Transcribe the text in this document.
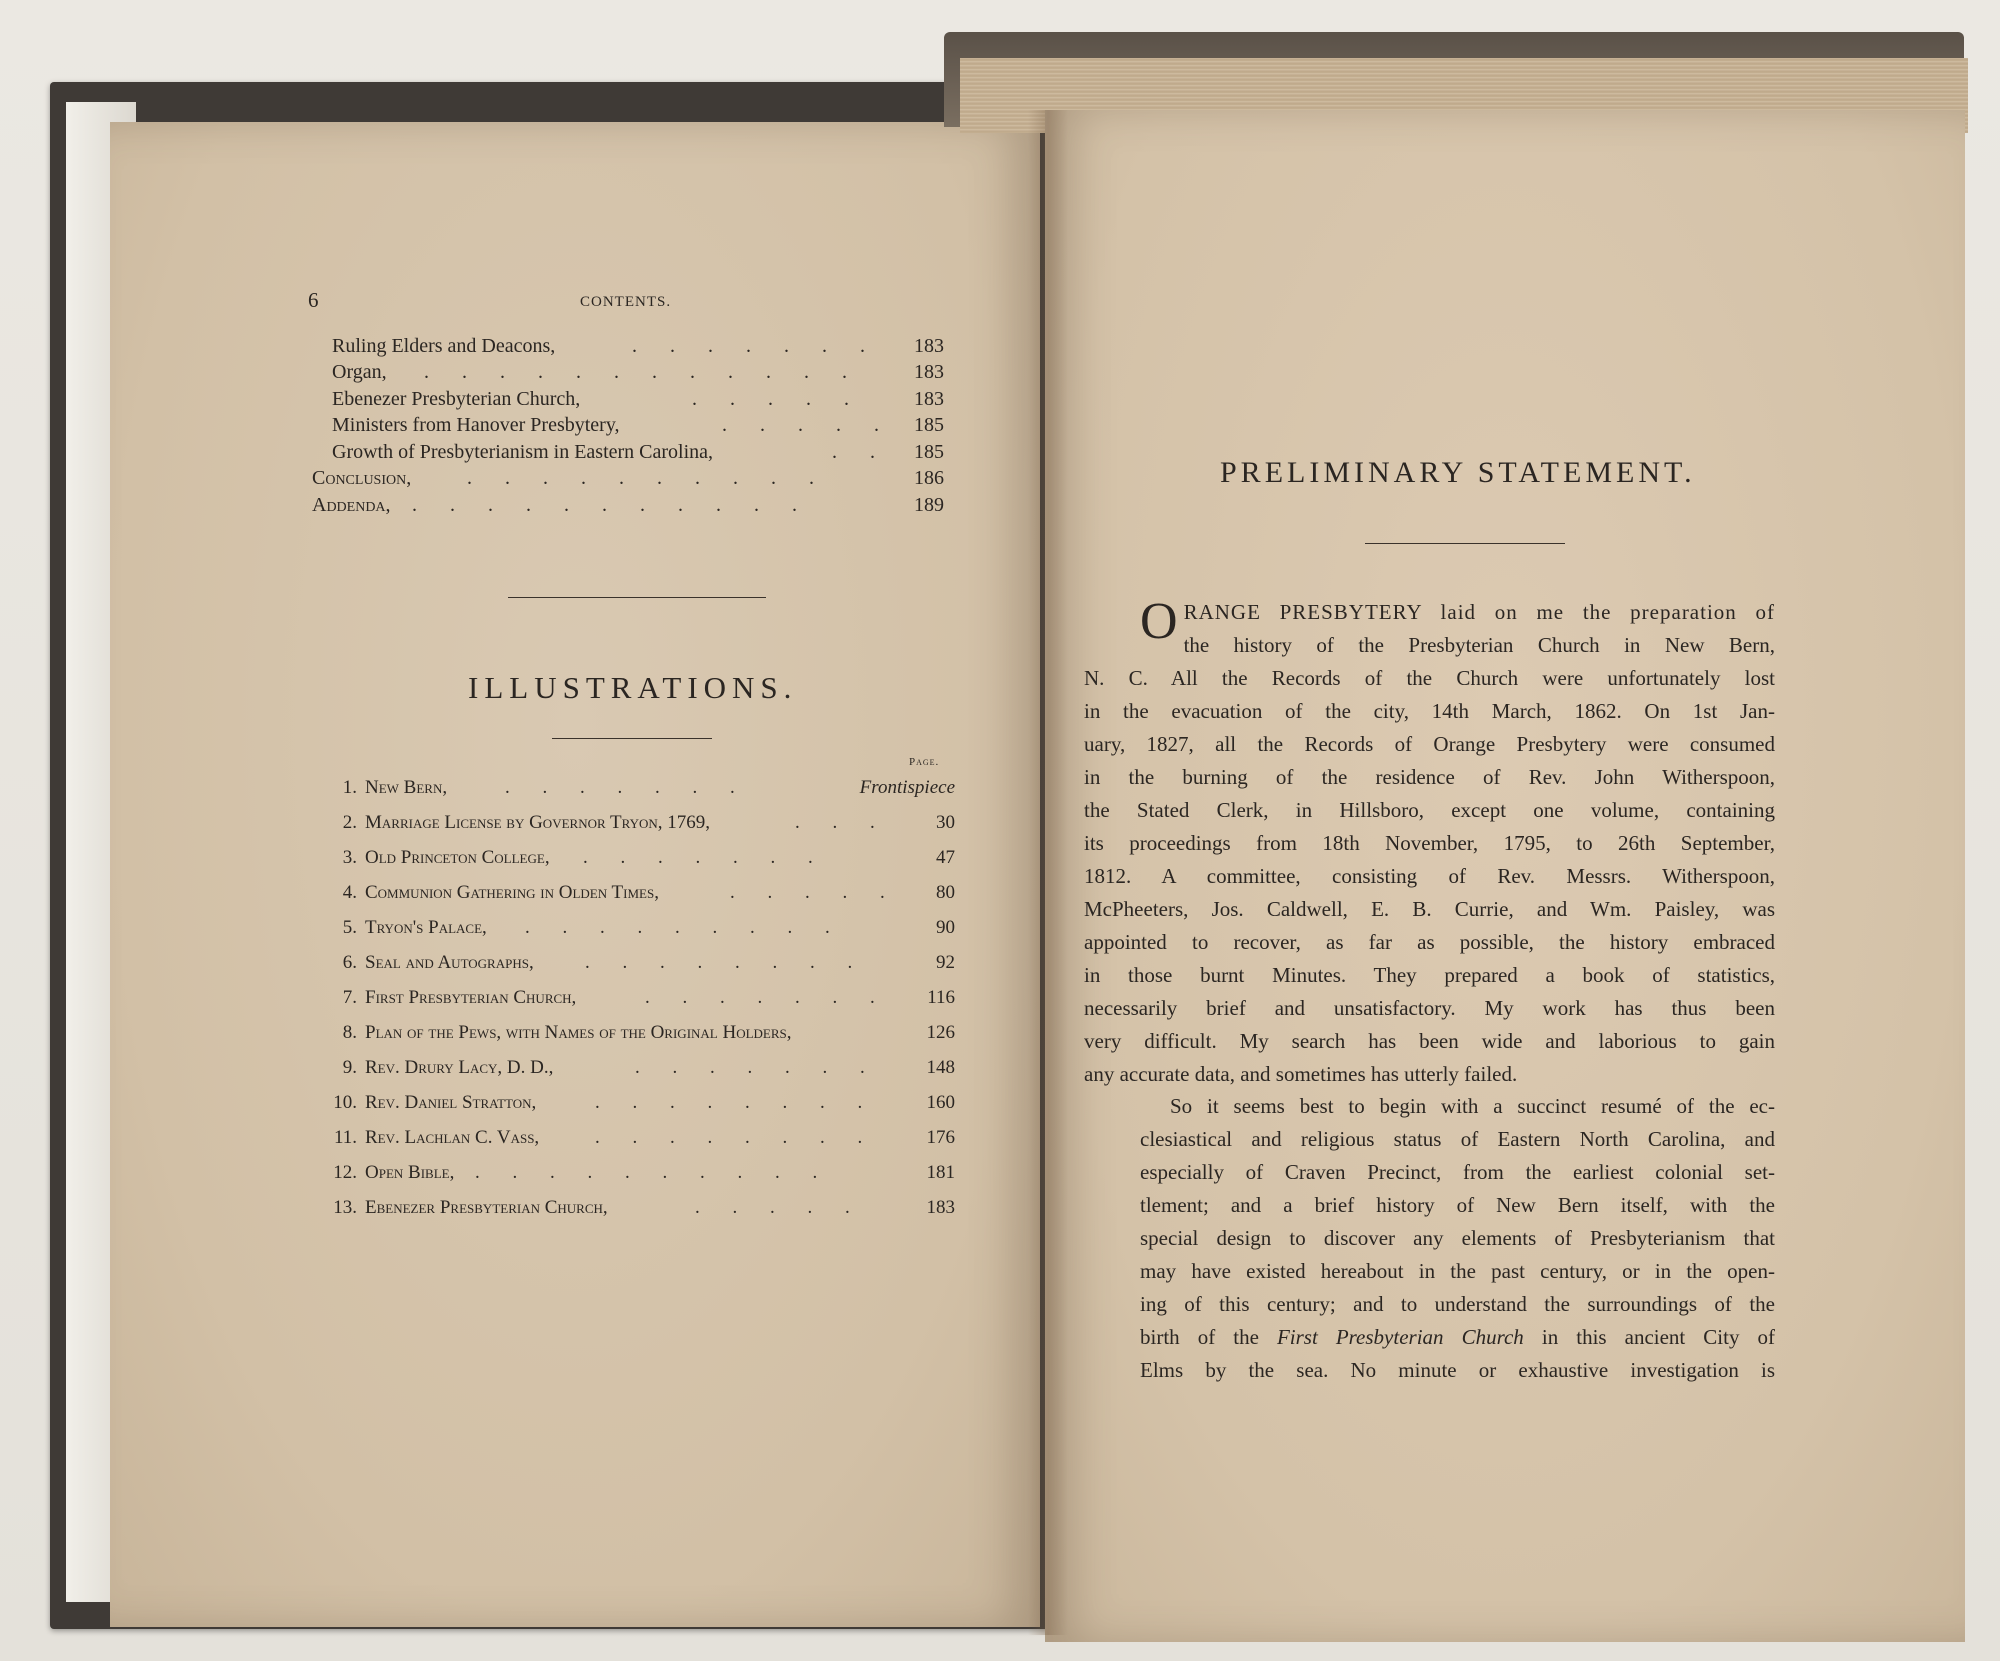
6	CONTENTS.
Ruling Elders and Deacons,	. . . . . . . 183
Organ, . . . . . . . . . . . .	183
Ebenezer Presbyterian Church,	. . . . .	183
Ministers from Hanover Presbytery,	. . . . . 185
Growth of Presbyterianism in Eastern Carolina,	. . 185
Conclusion,	. . . . . . . . . .	186
Addenda, . . . . . . . . . . .	189
ILLUSTRATIONS.
Page.
1. New Bern,	. . . . . . .	Frontispiece
2. Marriage License by Governor Tryon, 1769,	. . . 30
3. Old Princeton College, . . . . . . .	47
4. Communion Gathering in Olden Times,	. . . . . 80
5. Tryon's Palace, . . . . . . . . .	90
6. Seal and Autographs,	. . . . . . . .	92
7. First Presbyterian Church,	. . . . . . . 116
8. Plan of the Pews, with Names of the Original Holders,	126
9. Rev. Drury Lacy, D. D.,	. . . . . . .	148
10. Rev. Daniel Stratton,	. . . . . . . .	160
11. Rev. Lachlan C. Vass,	. . . . . . . .	176
12. Open Bible, . . . . . . . . . .	181
13. Ebenezer Presbyterian Church,	. . . . .	183
PRELIMINARY STATEMENT.
O RANGE PRESBYTERY laid on me the preparation of
the history of the Presbyterian Church in New Bern,
N. C. All the Records of the Church were unfortunately lost
in the evacuation of the city, 14th March, 1862. On 1st Jan-
uary, 1827, all the Records of Orange Presbytery were consumed
in the burning of the residence of Rev. John Witherspoon,
the Stated Clerk, in Hillsboro, except one volume, containing
its proceedings from 18th November, 1795, to 26th September,
1812. A committee, consisting of Rev. Messrs. Witherspoon,
McPheeters, Jos. Caldwell, E. B. Currie, and Wm. Paisley, was
appointed to recover, as far as possible, the history embraced
in those burnt Minutes. They prepared a book of statistics,
necessarily brief and unsatisfactory. My work has thus been
very difficult. My search has been wide and laborious to gain
any accurate data, and sometimes has utterly failed.
So it seems best to begin with a succinct resumé of the ec-
clesiastical and religious status of Eastern North Carolina, and
especially of Craven Precinct, from the earliest colonial set-
tlement; and a brief history of New Bern itself, with the
special design to discover any elements of Presbyterianism that
may have existed hereabout in the past century, or in the open-
ing of this century; and to understand the surroundings of the
birth of the First Presbyterian Church in this ancient City of
Elms by the sea. No minute or exhaustive investigation is
